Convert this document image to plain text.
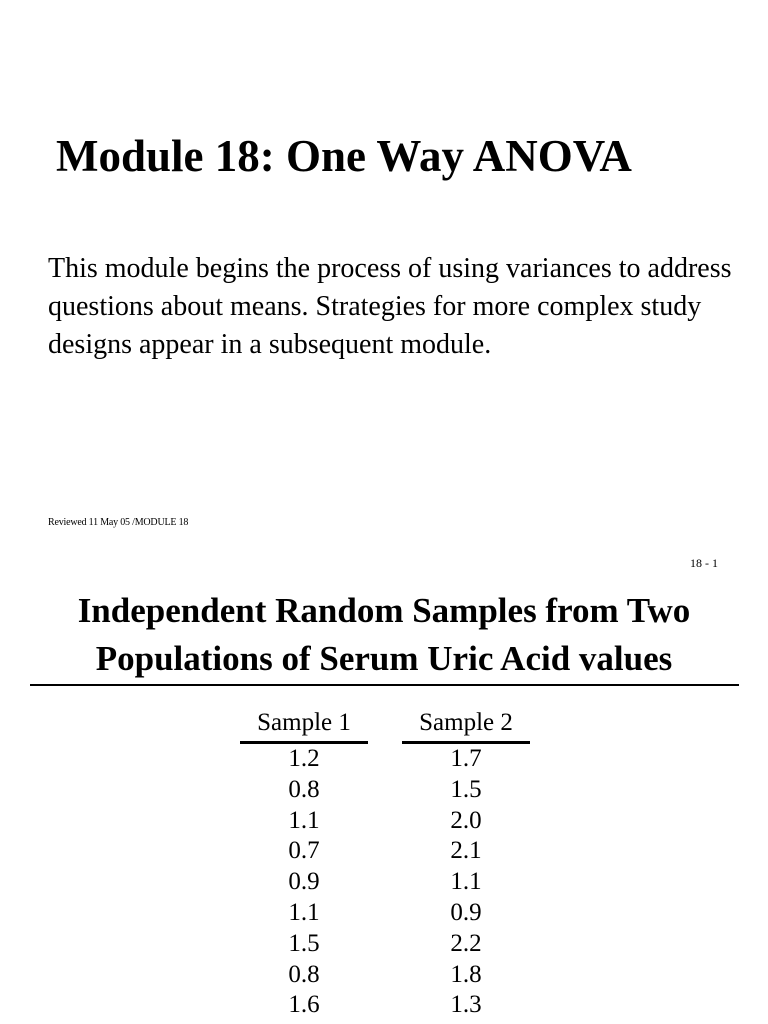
Module 18: One Way ANOVA

This module begins the process of using variances to address questions about means. Strategies for more complex study designs appear in a subsequent module.

Reviewed 11 May 05 /MODULE 18
18 - 1
Independent Random Samples from Two
Populations of Serum Uric Acid values
Sample 1		Sample 2
1.2		1.7
0.8		1.5
1.1		2.0
0.7		2.1
0.9		1.1
1.1		0.9
1.5		2.2
0.8		1.8
1.6		1.3
